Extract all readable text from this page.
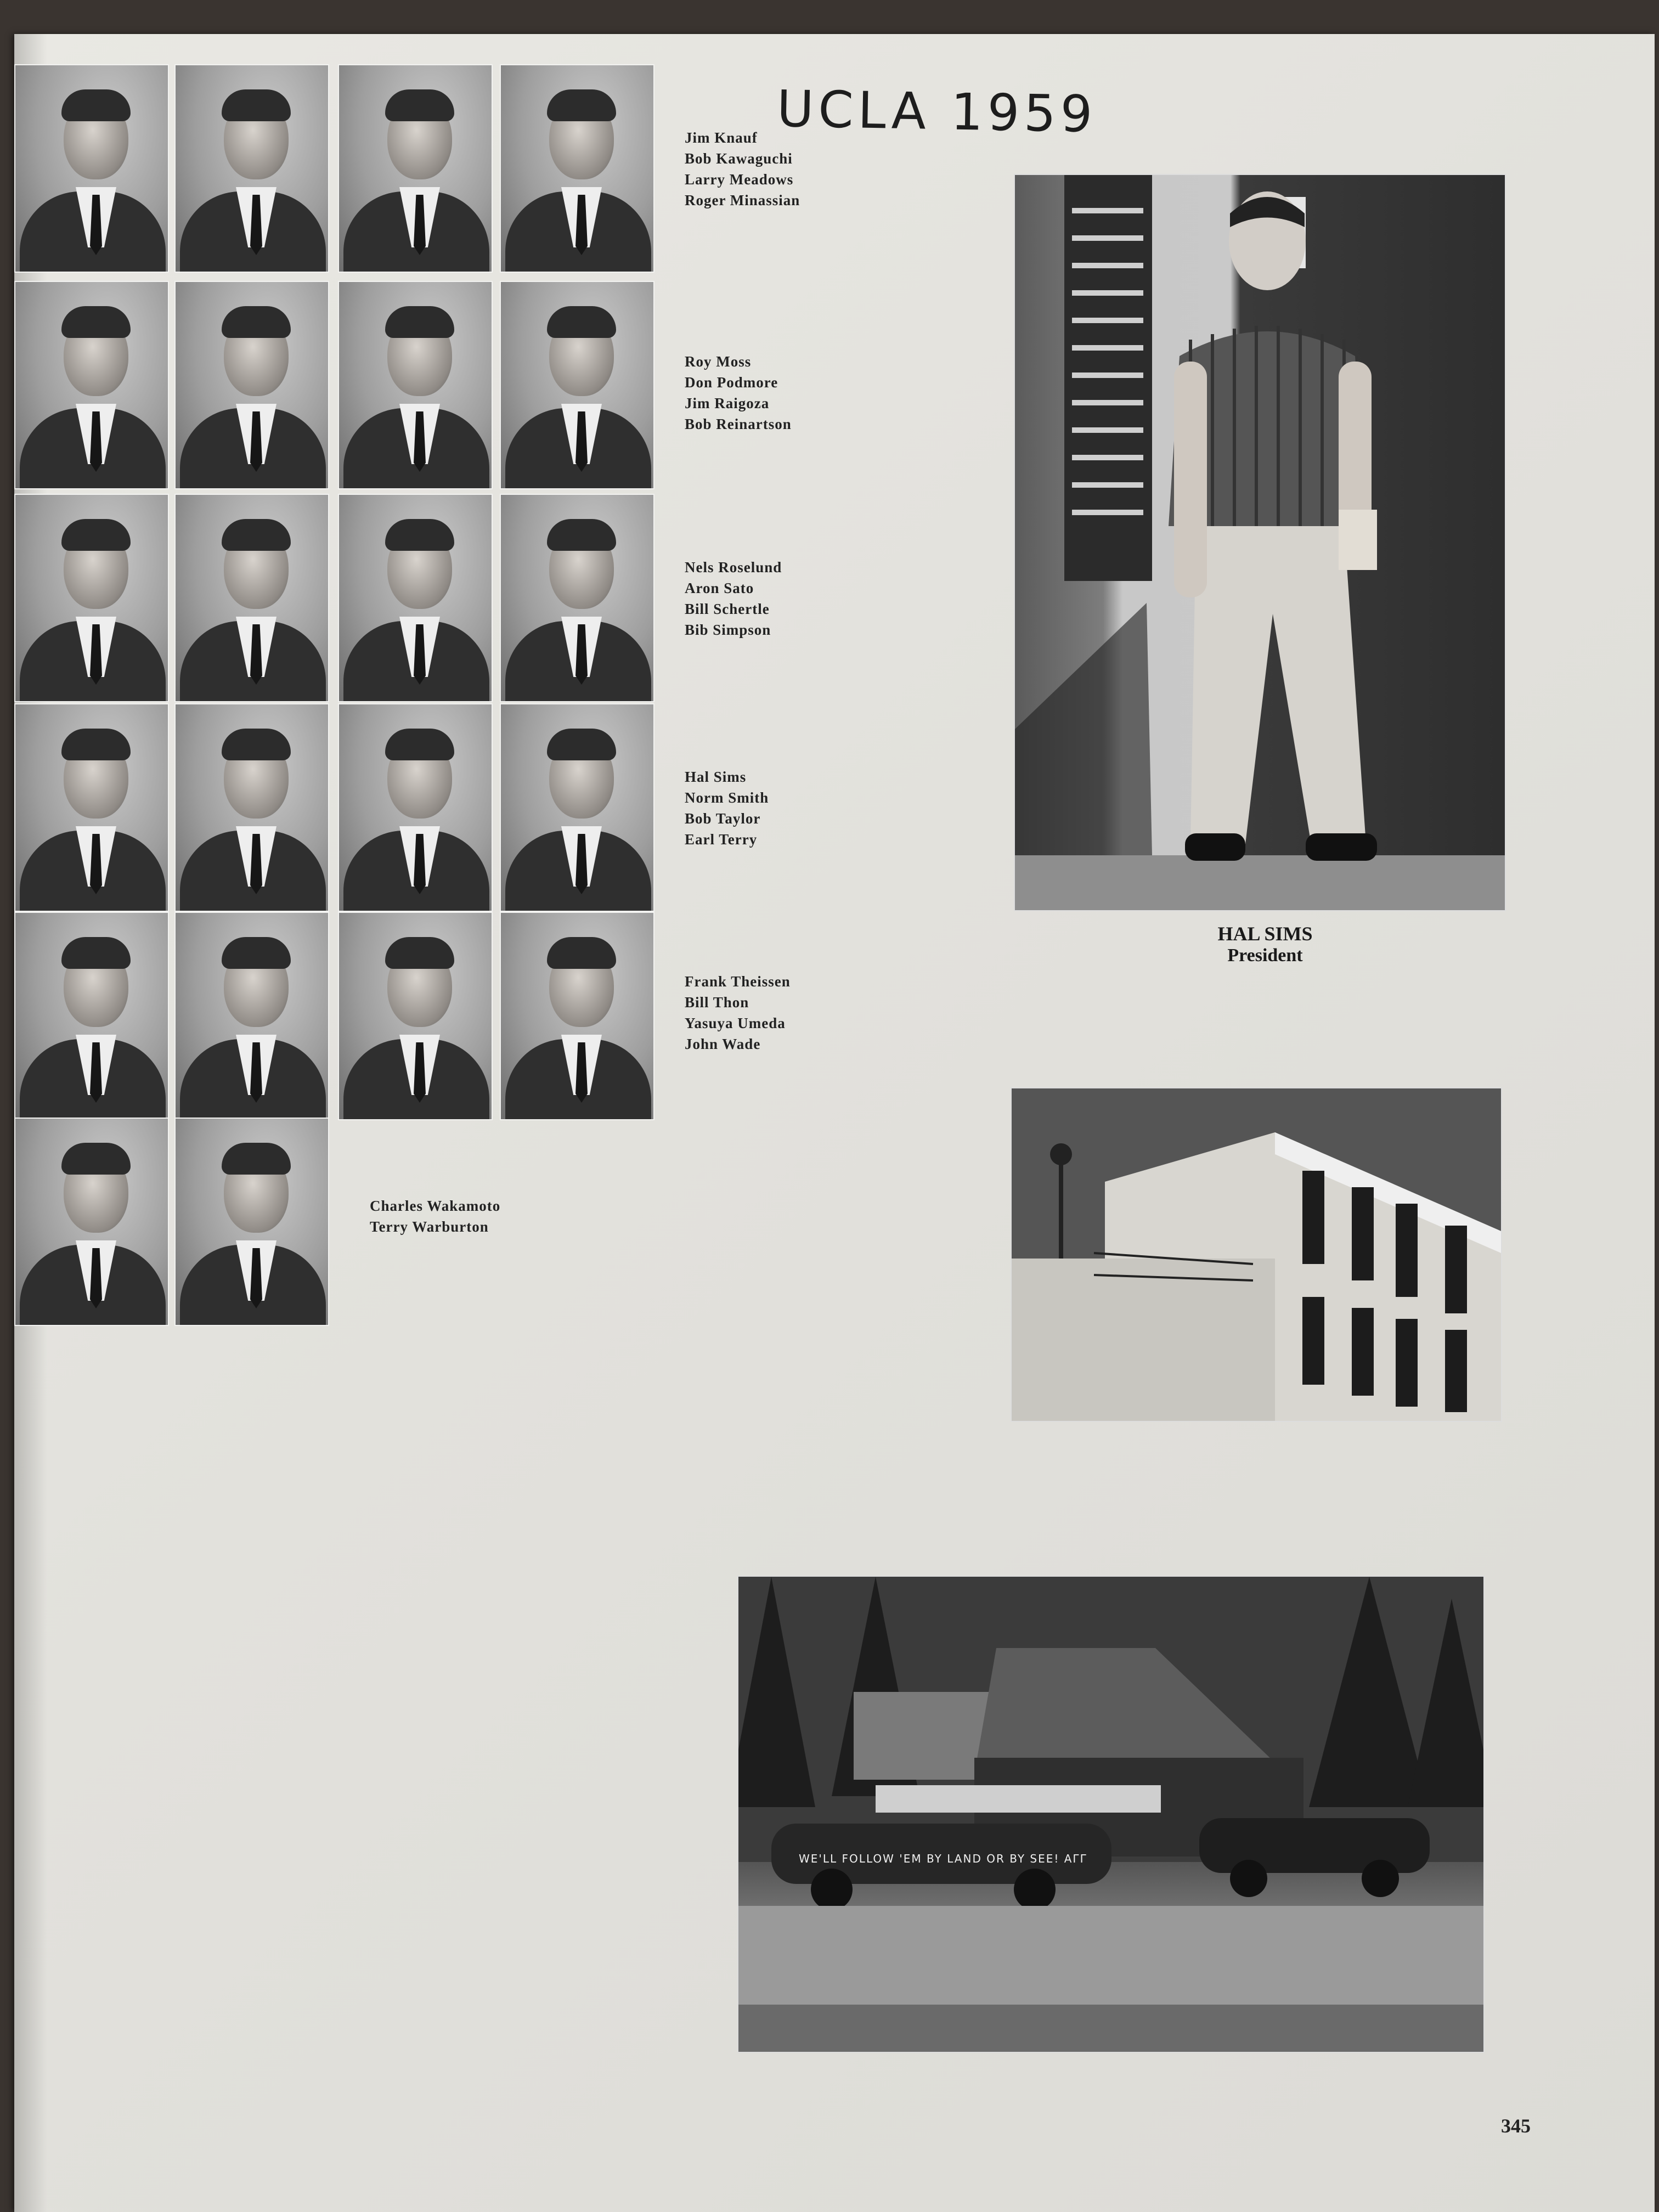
UCLA 1959
Jim Knauf
Bob Kawaguchi
Larry Meadows
Roger Minassian
Roy Moss
Don Podmore
Jim Raigoza
Bob Reinartson
Nels Roselund
Aron Sato
Bill Schertle
Bib Simpson
Hal Sims
Norm Smith
Bob Taylor
Earl Terry
Frank Theissen
Bill Thon
Yasuya Umeda
John Wade
Charles Wakamoto
Terry Warburton
HAL SIMS
President
WE'LL FOLLOW 'EM BY LAND OR BY SEE! AΓΓ
345
